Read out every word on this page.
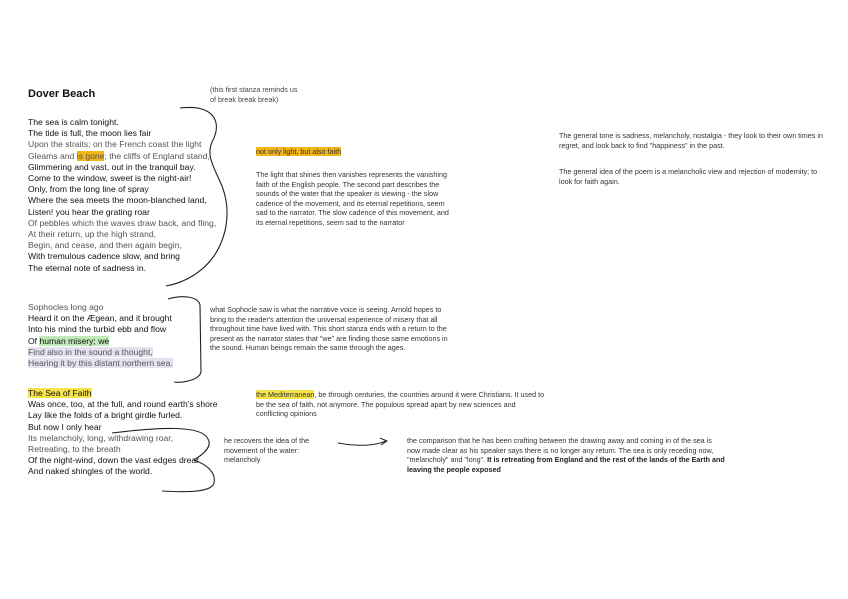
Dover Beach	(this first stanza reminds us of break break break)
The sea is calm tonight.
The tide is full, the moon lies fair
Upon the straits; on the French coast the light
Gleams and is gone; the cliffs of England stand,
Glimmering and vast, out in the tranquil bay.
Come to the window, sweet is the night-air!
Only, from the long line of spray
Where the sea meets the moon-blanched land,
Listen! you hear the grating roar
Of pebbles which the waves draw back, and fling,
At their return, up the high strand,
Begin, and cease, and then again begin,
With tremulous cadence slow, and bring
The eternal note of sadness in.
not only light, but also faith
The light that shines then vanishes represents the vanishing faith of the English people. The second part describes the sounds of the water that the speaker is viewing - the slow cadence of the movement, and its eternal repetitions, seem sad to the narrator. The slow cadence of this movement, and its eternal repetitions, seem sad to the narrator
The general tone is sadness, melancholy, nostalgia - they look to their own times in regret, and look back to find "happiness" in the past.
The general idea of the poem is a melancholic view and rejection of modernity; to look for faith again.
Sophocles long ago
Heard it on the Ægean, and it brought
Into his mind the turbid ebb and flow
Of human misery; we
Find also in the sound a thought,
Hearing it by this distant northern sea.
what Sophocle saw is what the narrative voice is seeing. Arnold hopes to bring to the reader's attention the universal experience of misery that all throughout time have lived with. This short stanza ends with a return to the present as the narrator states that "we" are finding those same emotions in the sound. Human beings remain the same through the ages.
The Sea of Faith
Was once, too, at the full, and round earth's shore
Lay like the folds of a bright girdle furled.
But now I only hear
Its melancholy, long, withdrawing roar,
Retreating, to the breath
Of the night-wind, down the vast edges drear
And naked shingles of the world.
the Mediterranean, be through centuries, the countries around it were Christians. It used to be the sea of faith, not anymore. The populous spread apart by new sciences and conflicting opinions
he recovers the idea of the movement of the water: melancholy
the comparison that he has been crafting between the drawing away and coming in of the sea is now made clear as his speaker says there is no longer any return. The sea is only receding now, "melancholy" and "long". It is retreating from England and the rest of the lands of the Earth and leaving the people exposed
